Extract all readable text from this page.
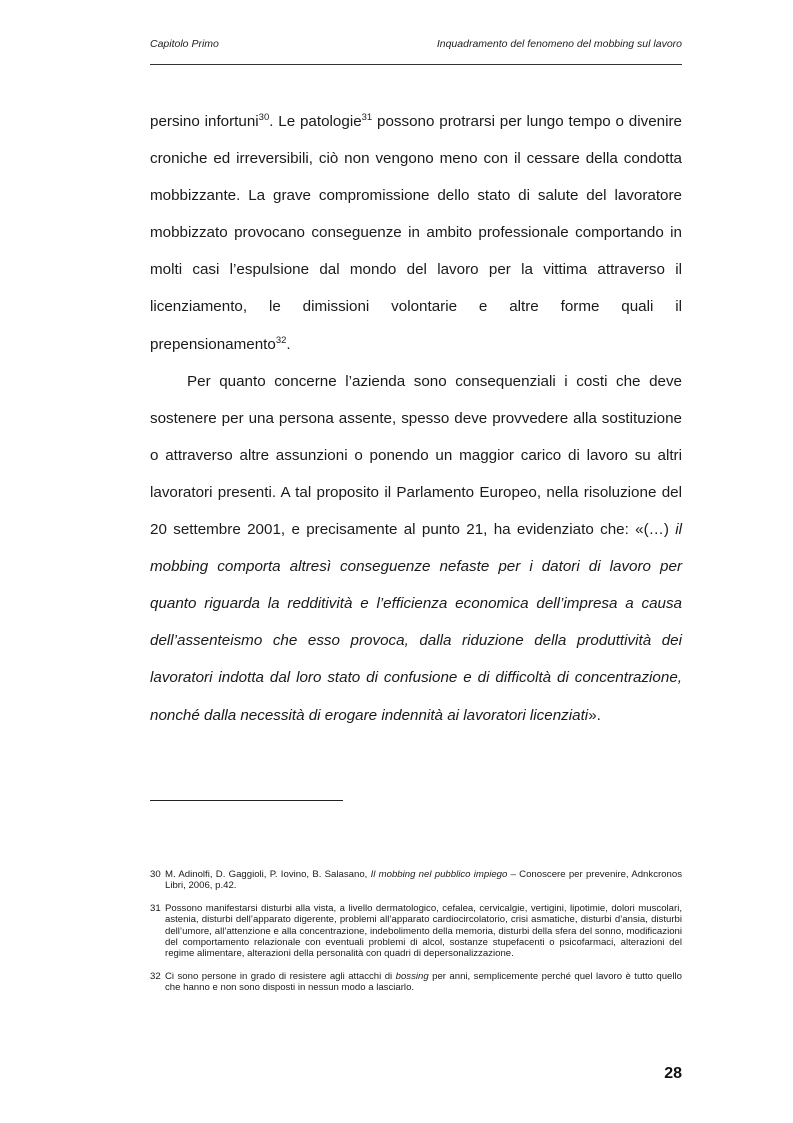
Capitolo Primo	Inquadramento del fenomeno del mobbing sul lavoro

persino infortuni$^{30}$. Le patologie$^{31}$ possono protrarsi per lungo tempo o divenire croniche ed irreversibili, ciò non vengono meno con il cessare della condotta mobbizzante. La grave compromissione dello stato di salute del lavoratore mobbizzato provocano conseguenze in ambito professionale comportando in molti casi l’espulsione dal mondo del lavoro per la vittima attraverso il licenziamento, le dimissioni volontarie e altre forme quali il prepensionamento$^{32}$.

Per quanto concerne l’azienda sono consequenziali i costi che deve sostenere per una persona assente, spesso deve provvedere alla sostituzione o attraverso altre assunzioni o ponendo un maggior carico di lavoro su altri lavoratori presenti. A tal proposito il Parlamento Europeo, nella risoluzione del 20 settembre 2001, e precisamente al punto 21, ha evidenziato che: «(…) il mobbing comporta altresì conseguenze nefaste per i datori di lavoro per quanto riguarda la redditività e l’efficienza economica dell’impresa a causa dell’assenteismo che esso provoca, dalla riduzione della produttività dei lavoratori indotta dal loro stato di confusione e di difficoltà di concentrazione, nonché dalla necessità di erogare indennità ai lavoratori licenziati».

30 M. Adinolfi, D. Gaggioli, P. Iovino, B. Salasano, Il mobbing nel pubblico impiego – Conoscere per prevenire, Adnkcronos Libri, 2006, p.42.
31 Possono manifestarsi disturbi alla vista, a livello dermatologico, cefalea, cervicalgie, vertigini, lipotimie, dolori muscolari, astenia, disturbi dell’apparato digerente, problemi all’apparato cardiocircolatorio, crisi asmatiche, disturbi d’ansia, disturbi dell’umore, all’attenzione e alla concentrazione, indebolimento della memoria, disturbi della sfera del sonno, modificazioni del comportamento relazionale con eventuali problemi di alcol, sostanze stupefacenti o psicofarmaci, alterazioni del regime alimentare, alterazioni della personalità con quadri di depersonalizzazione.
32 Ci sono persone in grado di resistere agli attacchi di bossing per anni, semplicemente perché quel lavoro è tutto quello che hanno e non sono disposti in nessun modo a lasciarlo.
28
